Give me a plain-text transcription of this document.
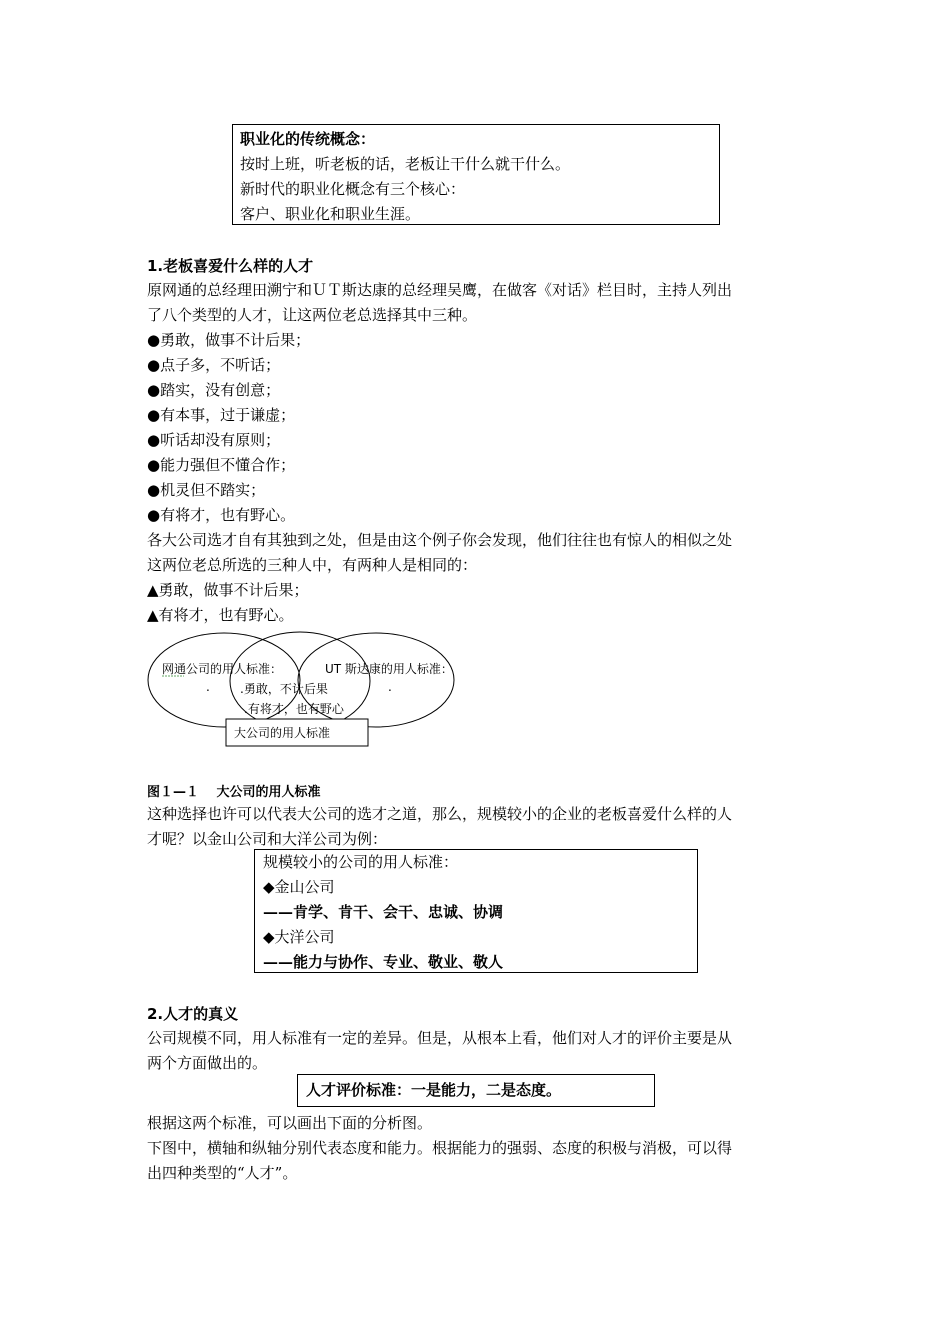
职业化的传统概念：
按时上班，听老板的话，老板让干什么就干什么。
新时代的职业化概念有三个核心：
客户、职业化和职业生涯。
1.老板喜爱什么样的人才
原网通的总经理田溯宁和ＵＴ斯达康的总经理吴鹰，在做客《对话》栏目时，主持人列出
了八个类型的人才，让这两位老总选择其中三种。
●勇敢，做事不计后果；
●点子多，不听话；
●踏实，没有创意；
●有本事，过于谦虚；
●听话却没有原则；
●能力强但不懂合作；
●机灵但不踏实；
●有将才，也有野心。
各大公司选才自有其独到之处，但是由这个例子你会发现，他们往往也有惊人的相似之处
这两位老总所选的三种人中，有两种人是相同的：
▲勇敢，做事不计后果；
▲有将才，也有野心。
网通公司的用人标准：	UT 斯达康的用人标准：
.	.
.勇敢，不计后果
.有将才，也有野心
大公司的用人标准
图１—１　 大公司的用人标准
这种选择也许可以代表大公司的选才之道，那么，规模较小的企业的老板喜爱什么样的人
才呢？以金山公司和大洋公司为例：
规模较小的公司的用人标准：
◆金山公司
——肯学、肯干、会干、忠诚、协调
◆大洋公司
——能力与协作、专业、敬业、敬人
2.人才的真义
公司规模不同，用人标准有一定的差异。但是，从根本上看，他们对人才的评价主要是从
两个方面做出的。
人才评价标准：一是能力，二是态度。
根据这两个标准，可以画出下面的分析图。
下图中，横轴和纵轴分别代表态度和能力。根据能力的强弱、态度的积极与消极，可以得
出四种类型的“人才”。
